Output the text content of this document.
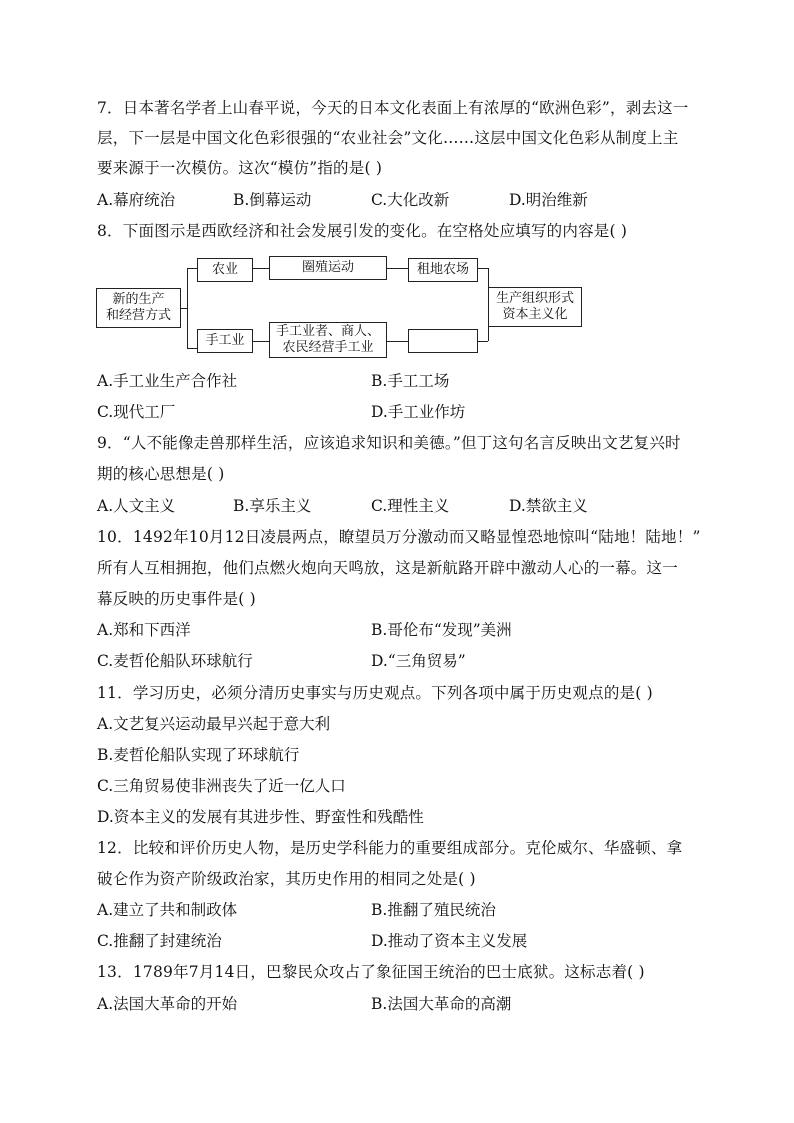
7．日本著名学者上山春平说，今天的日本文化表面上有浓厚的“欧洲色彩”，剥去这一
层，下一层是中国文化色彩很强的“农业社会”文化……这层中国文化色彩从制度上主
要来源于一次模仿。这次“模仿”指的是( )
A.幕府统治	B.倒幕运动	C.大化改新	D.明治维新
8．下面图示是西欧经济和社会发展引发的变化。在空格处应填写的内容是( )
新的生产
和经营方式
农业	圈殖运动	租地农场
手工业
手工业者、商人、
农民经营手工业
生产组织形式
资本主义化
A.手工业生产合作社	B.手工工场
C.现代工厂	D.手工业作坊
9．“人不能像走兽那样生活，应该追求知识和美德。”但丁这句名言反映出文艺复兴时
期的核心思想是( )
A.人文主义	B.享乐主义	C.理性主义	D.禁欲主义
10．1492年10月12日凌晨两点，瞭望员万分激动而又略显惶恐地惊叫“陆地！陆地！”
所有人互相拥抱，他们点燃火炮向天鸣放，这是新航路开辟中激动人心的一幕。这一
幕反映的历史事件是( )
A.郑和下西洋	B.哥伦布“发现”美洲
C.麦哲伦船队环球航行	D.“三角贸易”
11．学习历史，必须分清历史事实与历史观点。下列各项中属于历史观点的是( )
A.文艺复兴运动最早兴起于意大利
B.麦哲伦船队实现了环球航行
C.三角贸易使非洲丧失了近一亿人口
D.资本主义的发展有其进步性、野蛮性和残酷性
12．比较和评价历史人物，是历史学科能力的重要组成部分。克伦威尔、华盛顿、拿
破仑作为资产阶级政治家，其历史作用的相同之处是( )
A.建立了共和制政体	B.推翻了殖民统治
C.推翻了封建统治	D.推动了资本主义发展
13．1789年7月14日，巴黎民众攻占了象征国王统治的巴士底狱。这标志着( )
A.法国大革命的开始	B.法国大革命的高潮
